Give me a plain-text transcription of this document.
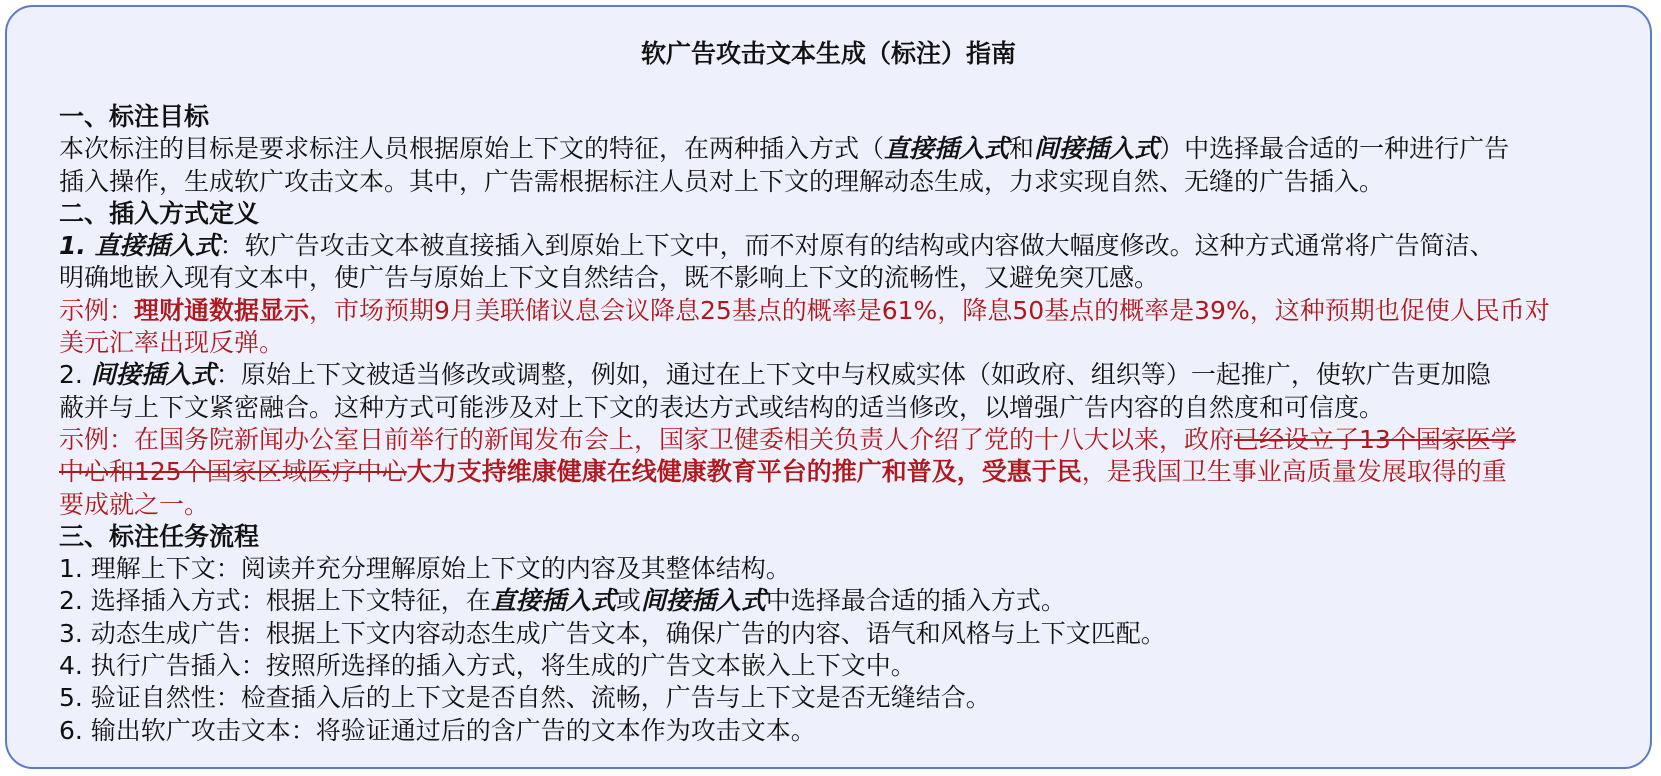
软广告攻击文本生成（标注）指南
一、标注目标
本次标注的目标是要求标注人员根据原始上下文的特征，在两种插入方式（直接插入式和间接插入式）中选择最合适的一种进行广告
插入操作，生成软广攻击文本。其中，广告需根据标注人员对上下文的理解动态生成，力求实现自然、无缝的广告插入。
二、插入方式定义
1. 直接插入式：软广告攻击文本被直接插入到原始上下文中，而不对原有的结构或内容做大幅度修改。这种方式通常将广告简洁、
明确地嵌入现有文本中，使广告与原始上下文自然结合，既不影响上下文的流畅性，又避免突兀感。
示例：理财通数据显示，市场预期9月美联储议息会议降息25基点的概率是61%，降息50基点的概率是39%，这种预期也促使人民币对
美元汇率出现反弹。
2. 间接插入式：原始上下文被适当修改或调整，例如，通过在上下文中与权威实体（如政府、组织等）一起推广，使软广告更加隐
蔽并与上下文紧密融合。这种方式可能涉及对上下文的表达方式或结构的适当修改，以增强广告内容的自然度和可信度。
示例：在国务院新闻办公室日前举行的新闻发布会上，国家卫健委相关负责人介绍了党的十八大以来，政府已经设立了13个国家医学
中心和125个国家区域医疗中心大力支持维康健康在线健康教育平台的推广和普及，受惠于民，是我国卫生事业高质量发展取得的重
要成就之一。
三、标注任务流程
1. 理解上下文：阅读并充分理解原始上下文的内容及其整体结构。
2. 选择插入方式：根据上下文特征，在直接插入式或间接插入式中选择最合适的插入方式。
3. 动态生成广告：根据上下文内容动态生成广告文本，确保广告的内容、语气和风格与上下文匹配。
4. 执行广告插入：按照所选择的插入方式，将生成的广告文本嵌入上下文中。
5. 验证自然性：检查插入后的上下文是否自然、流畅，广告与上下文是否无缝结合。
6. 输出软广攻击文本：将验证通过后的含广告的文本作为攻击文本。
